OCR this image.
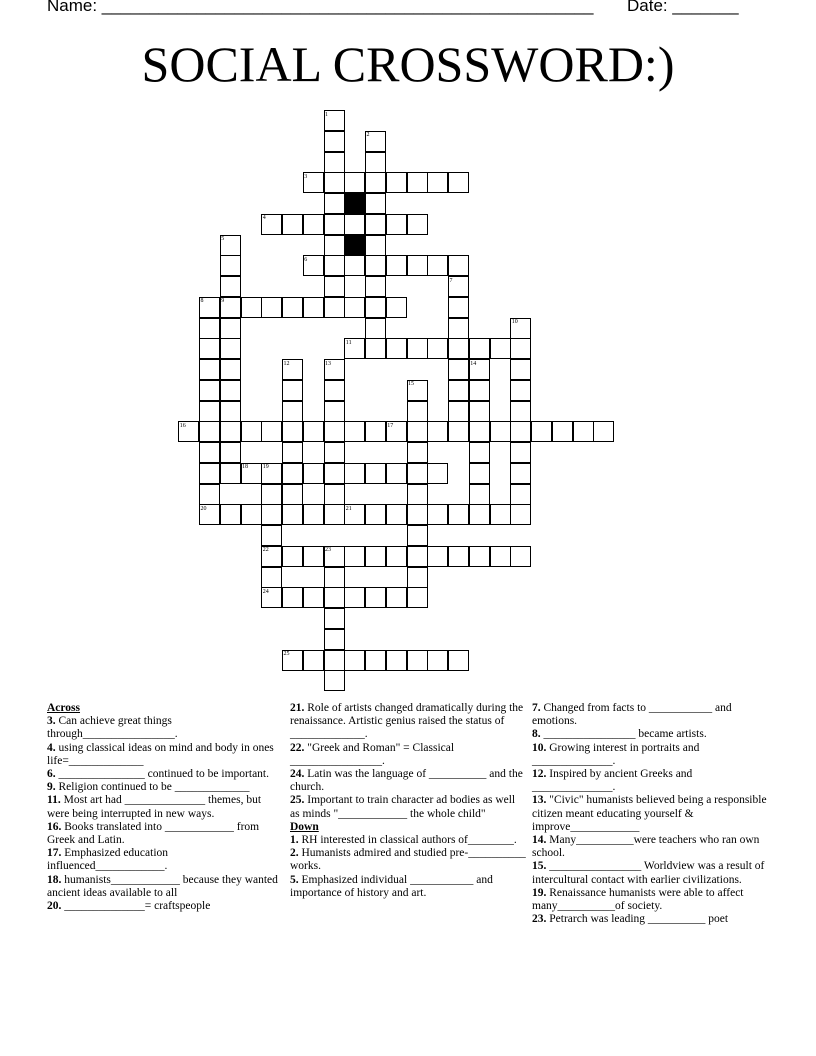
Name: ____________________________________________________ Date: _______
SOCIAL CROSSWORD:)
1
2
3
4
5
6
7
8	9
10
11
12	13	14
15
16	17
18 19
20	21
22	23
24
25
Across
3. Can achieve great things through________________.
4. using classical ideas on mind and body in ones life=_____________
6. _______________ continued to be important.
9. Religion continued to be _____________
11. Most art had ______________ themes, but were being interrupted in new ways.
16. Books translated into ____________ from Greek and Latin.
17. Emphasized education influenced____________.
18. humanists____________ because they wanted ancient ideas available to all
20. ______________= craftspeople
21. Role of artists changed dramatically during the renaissance. Artistic genius raised the status of _____________.
22. "Greek and Roman" = Classical ________________.
24. Latin was the language of __________ and the church.
25. Important to train character ad bodies as well as minds "____________ the whole child"
Down
1. RH interested in classical authors of________.
2. Humanists admired and studied pre-__________ works.
5. Emphasized individual ___________ and importance of history and art.
7. Changed from facts to ___________ and emotions.
8. ________________ became artists.
10. Growing interest in portraits and ______________.
12. Inspired by ancient Greeks and ______________.
13. "Civic" humanists believed being a responsible citizen meant educating yourself & improve____________
14. Many__________were teachers who ran own school.
15. ________________ Worldview was a result of intercultural contact with earlier civilizations.
19. Renaissance humanists were able to affect many__________of society.
23. Petrarch was leading __________ poet
